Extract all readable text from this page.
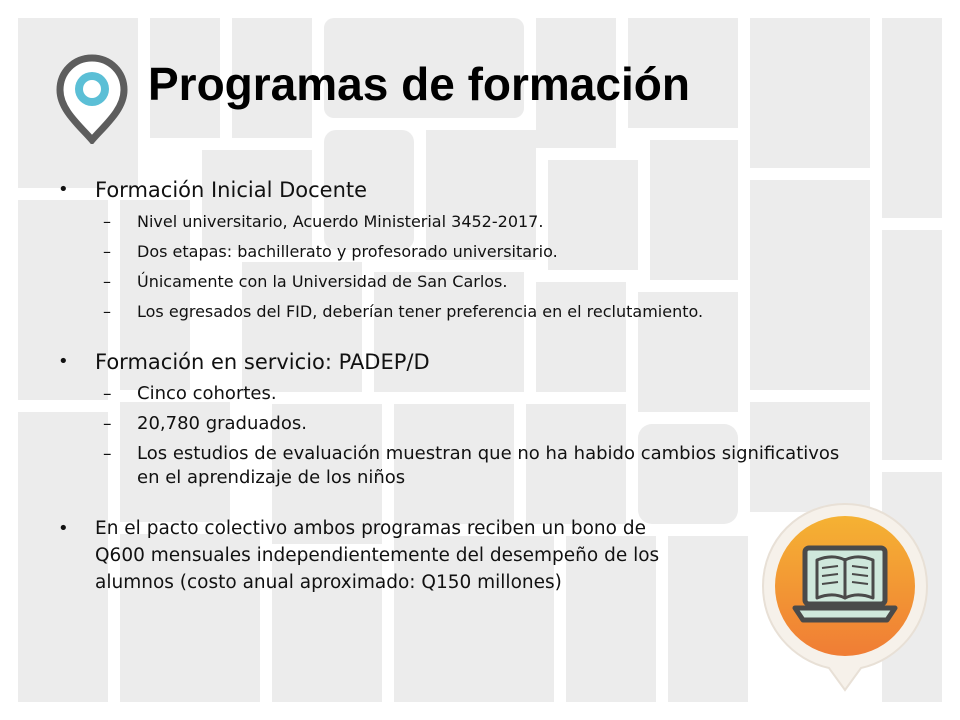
Programas de formación
• Formación Inicial Docente
– Nivel universitario, Acuerdo Ministerial 3452-2017.
– Dos etapas: bachillerato y profesorado universitario.
– Únicamente con la Universidad de San Carlos.
– Los egresados del FID, deberían tener preferencia en el reclutamiento.
• Formación en servicio: PADEP/D
– Cinco cohortes.
– 20,780 graduados.
– Los estudios de evaluación muestran que no ha habido cambios significativos en el aprendizaje de los niños
• En el pacto colectivo ambos programas reciben un bono de Q600 mensuales independientemente del desempeño de los alumnos (costo anual aproximado: Q150 millones)
